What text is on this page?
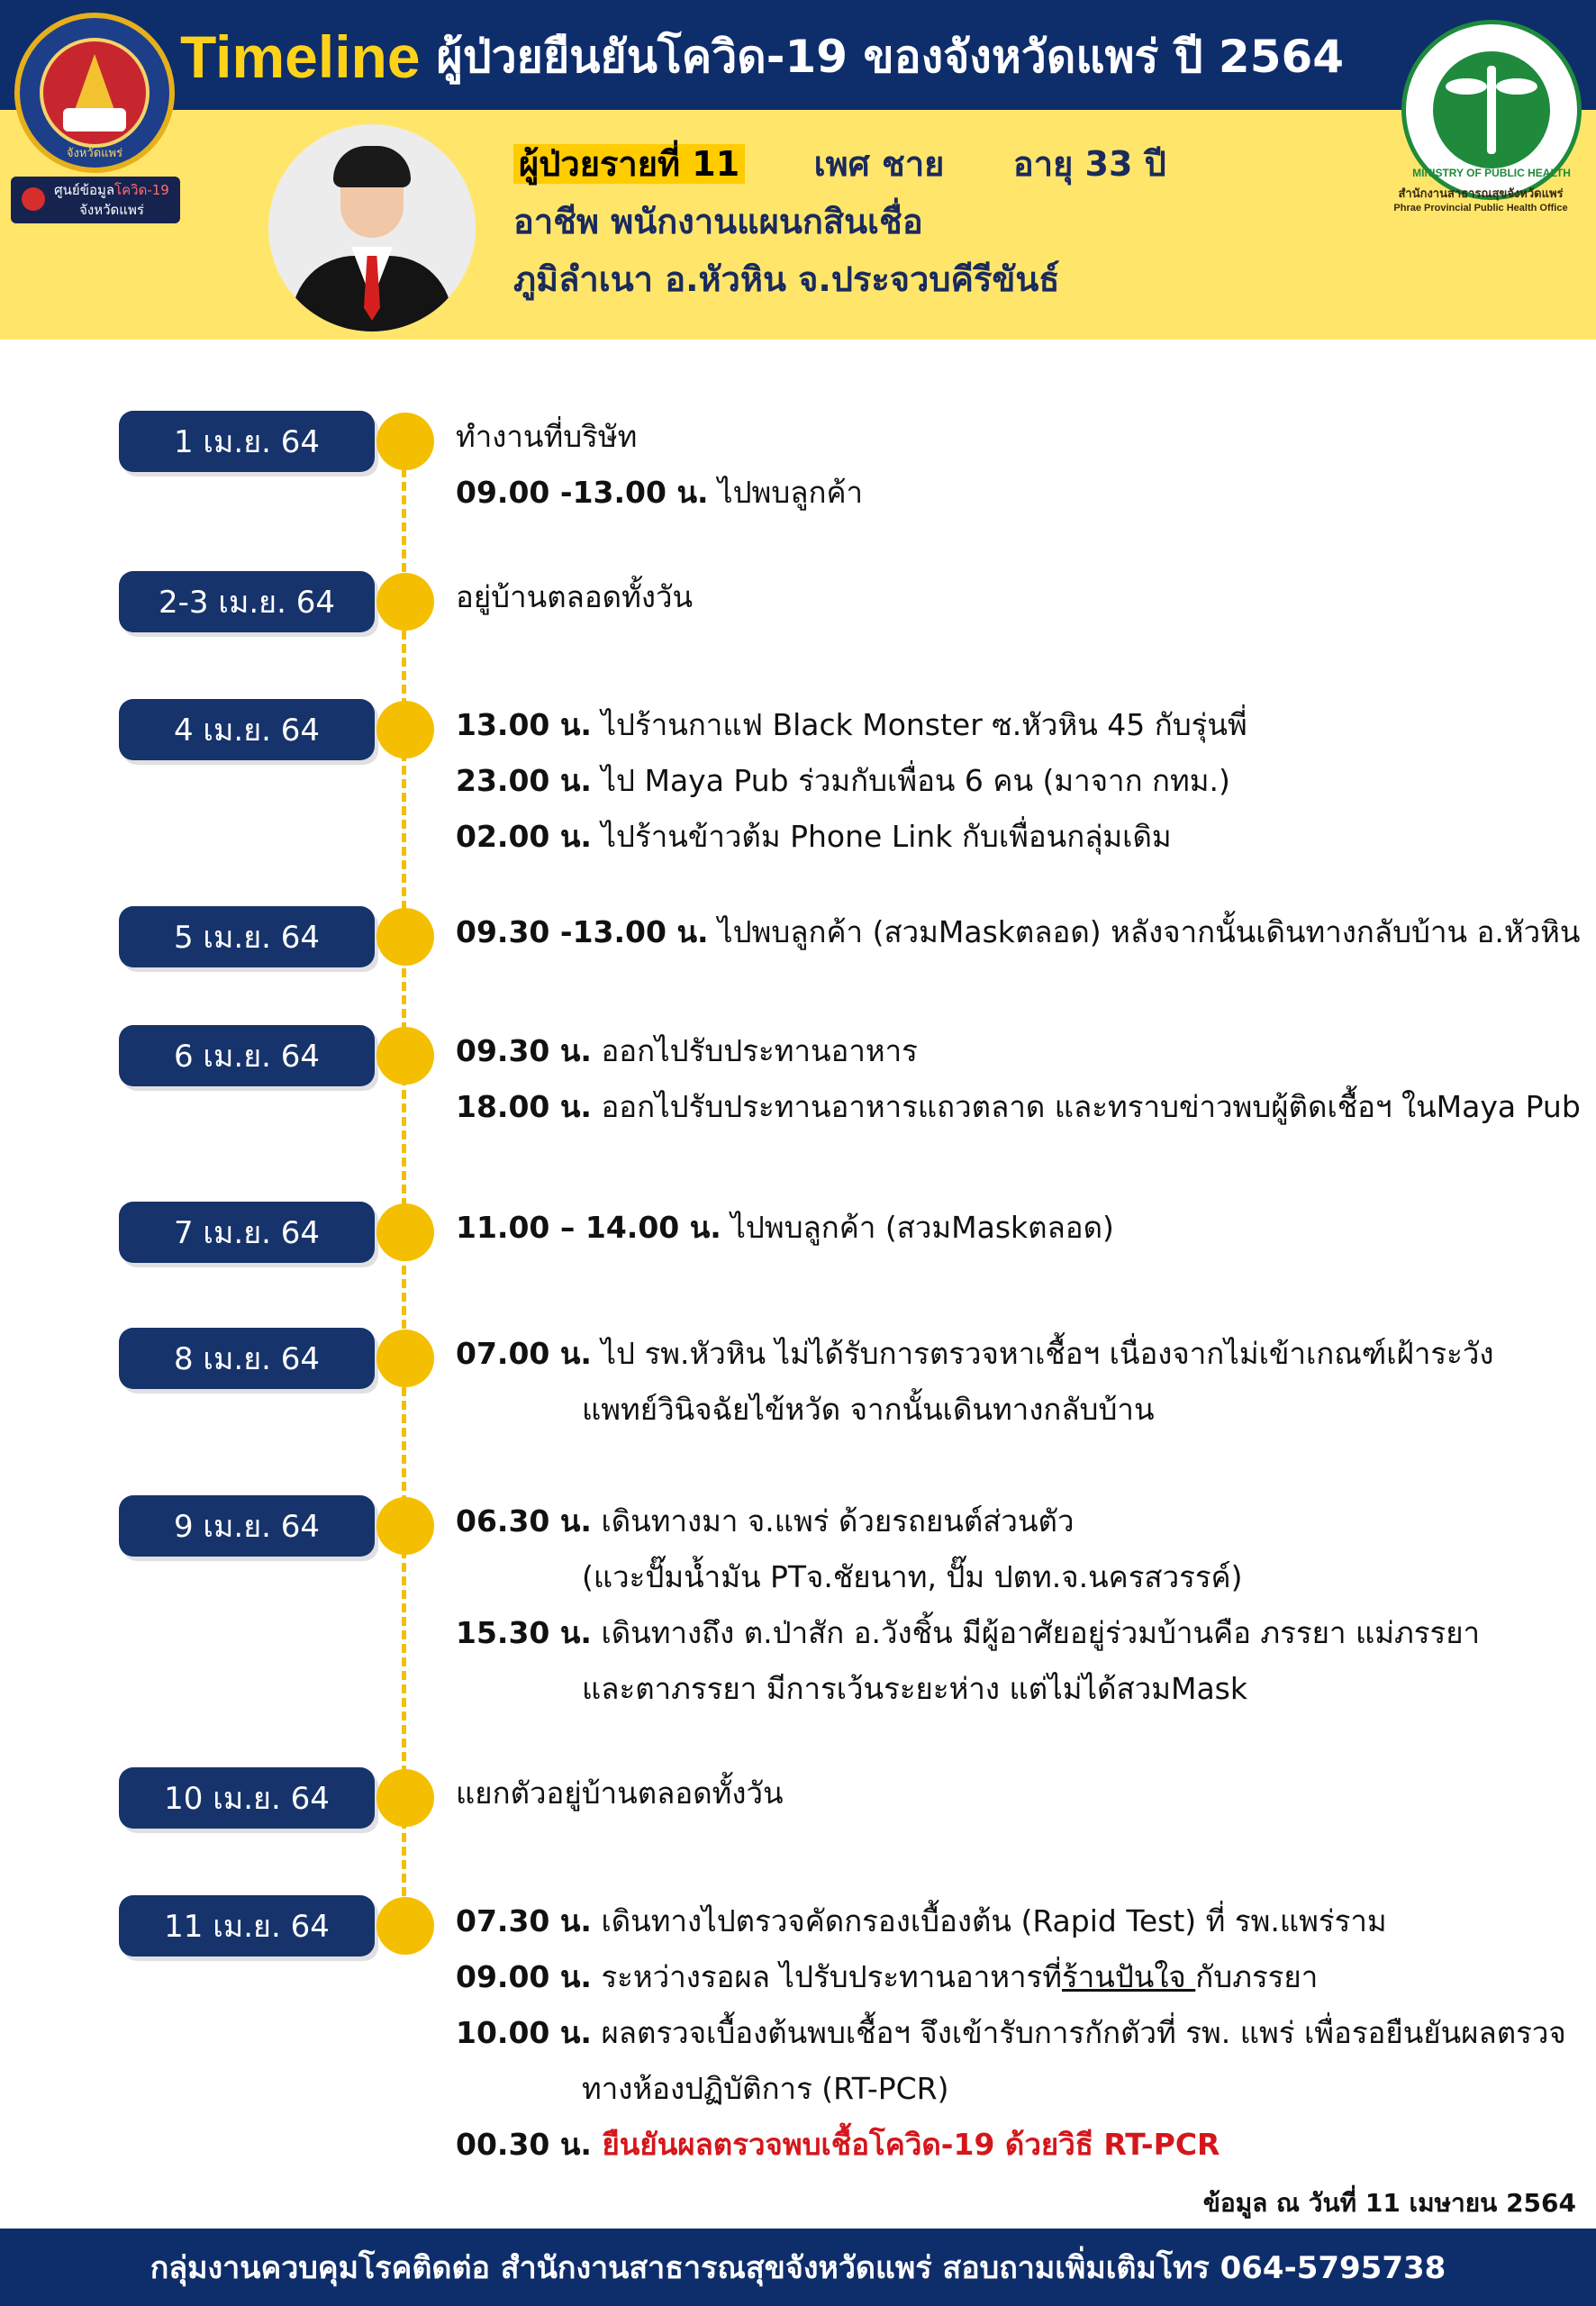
จังหวัดแพร่
ศูนย์ข้อมูลโควิด-19
จังหวัดแพร่
Timeline ผู้ป่วยยืนยันโควิด-19 ของจังหวัดแพร่ ปี 2564
MINISTRY OF PUBLIC HEALTH
สำนักงานสาธารณสุขจังหวัดแพร่
Phrae Provincial Public Health Office
ผู้ป่วยรายที่ 11 เพศ ชาย อายุ 33 ปี
อาชีพ พนักงานแผนกสินเชื่อ
ภูมิลำเนา อ.หัวหิน จ.ประจวบคีรีขันธ์
1 เม.ย. 64	ทำงานที่บริษัท
09.00 -13.00 น. ไปพบลูกค้า
2-3 เม.ย. 64	อยู่บ้านตลอดทั้งวัน
4 เม.ย. 64	13.00 น. ไปร้านกาแฟ Black Monster ซ.หัวหิน 45 กับรุ่นพี่
23.00 น. ไป Maya Pub ร่วมกับเพื่อน 6 คน (มาจาก กทม.)
02.00 น. ไปร้านข้าวต้ม Phone Link กับเพื่อนกลุ่มเดิม
5 เม.ย. 64	09.30 -13.00 น. ไปพบลูกค้า (สวมMaskตลอด) หลังจากนั้นเดินทางกลับบ้าน อ.หัวหิน
6 เม.ย. 64	09.30 น. ออกไปรับประทานอาหาร
18.00 น. ออกไปรับประทานอาหารแถวตลาด และทราบข่าวพบผู้ติดเชื้อฯ ในMaya Pub
7 เม.ย. 64	11.00 – 14.00 น. ไปพบลูกค้า (สวมMaskตลอด)
8 เม.ย. 64	07.00 น. ไป รพ.หัวหิน ไม่ได้รับการตรวจหาเชื้อฯ เนื่องจากไม่เข้าเกณฑ์เฝ้าระวัง
แพทย์วินิจฉัยไข้หวัด จากนั้นเดินทางกลับบ้าน
9 เม.ย. 64	06.30 น. เดินทางมา จ.แพร่ ด้วยรถยนต์ส่วนตัว
(แวะปั๊มน้ำมัน PTจ.ชัยนาท, ปั๊ม ปตท.จ.นครสวรรค์)
15.30 น. เดินทางถึง ต.ป่าสัก อ.วังชิ้น มีผู้อาศัยอยู่ร่วมบ้านคือ ภรรยา แม่ภรรยา
และตาภรรยา มีการเว้นระยะห่าง แต่ไม่ได้สวมMask
10 เม.ย. 64	แยกตัวอยู่บ้านตลอดทั้งวัน
11 เม.ย. 64	07.30 น. เดินทางไปตรวจคัดกรองเบื้องต้น (Rapid Test) ที่ รพ.แพร่ราม
09.00 น. ระหว่างรอผล ไปรับประทานอาหารที่ร้านปันใจ กับภรรยา
10.00 น. ผลตรวจเบื้องต้นพบเชื้อฯ จึงเข้ารับการกักตัวที่ รพ. แพร่ เพื่อรอยืนยันผลตรวจ
ทางห้องปฏิบัติการ (RT-PCR)
00.30 น. ยืนยันผลตรวจพบเชื้อโควิด-19 ด้วยวิธี RT-PCR
ข้อมูล ณ วันที่ 11 เมษายน 2564
กลุ่มงานควบคุมโรคติดต่อ สำนักงานสาธารณสุขจังหวัดแพร่ สอบถามเพิ่มเติมโทร 064-5795738
